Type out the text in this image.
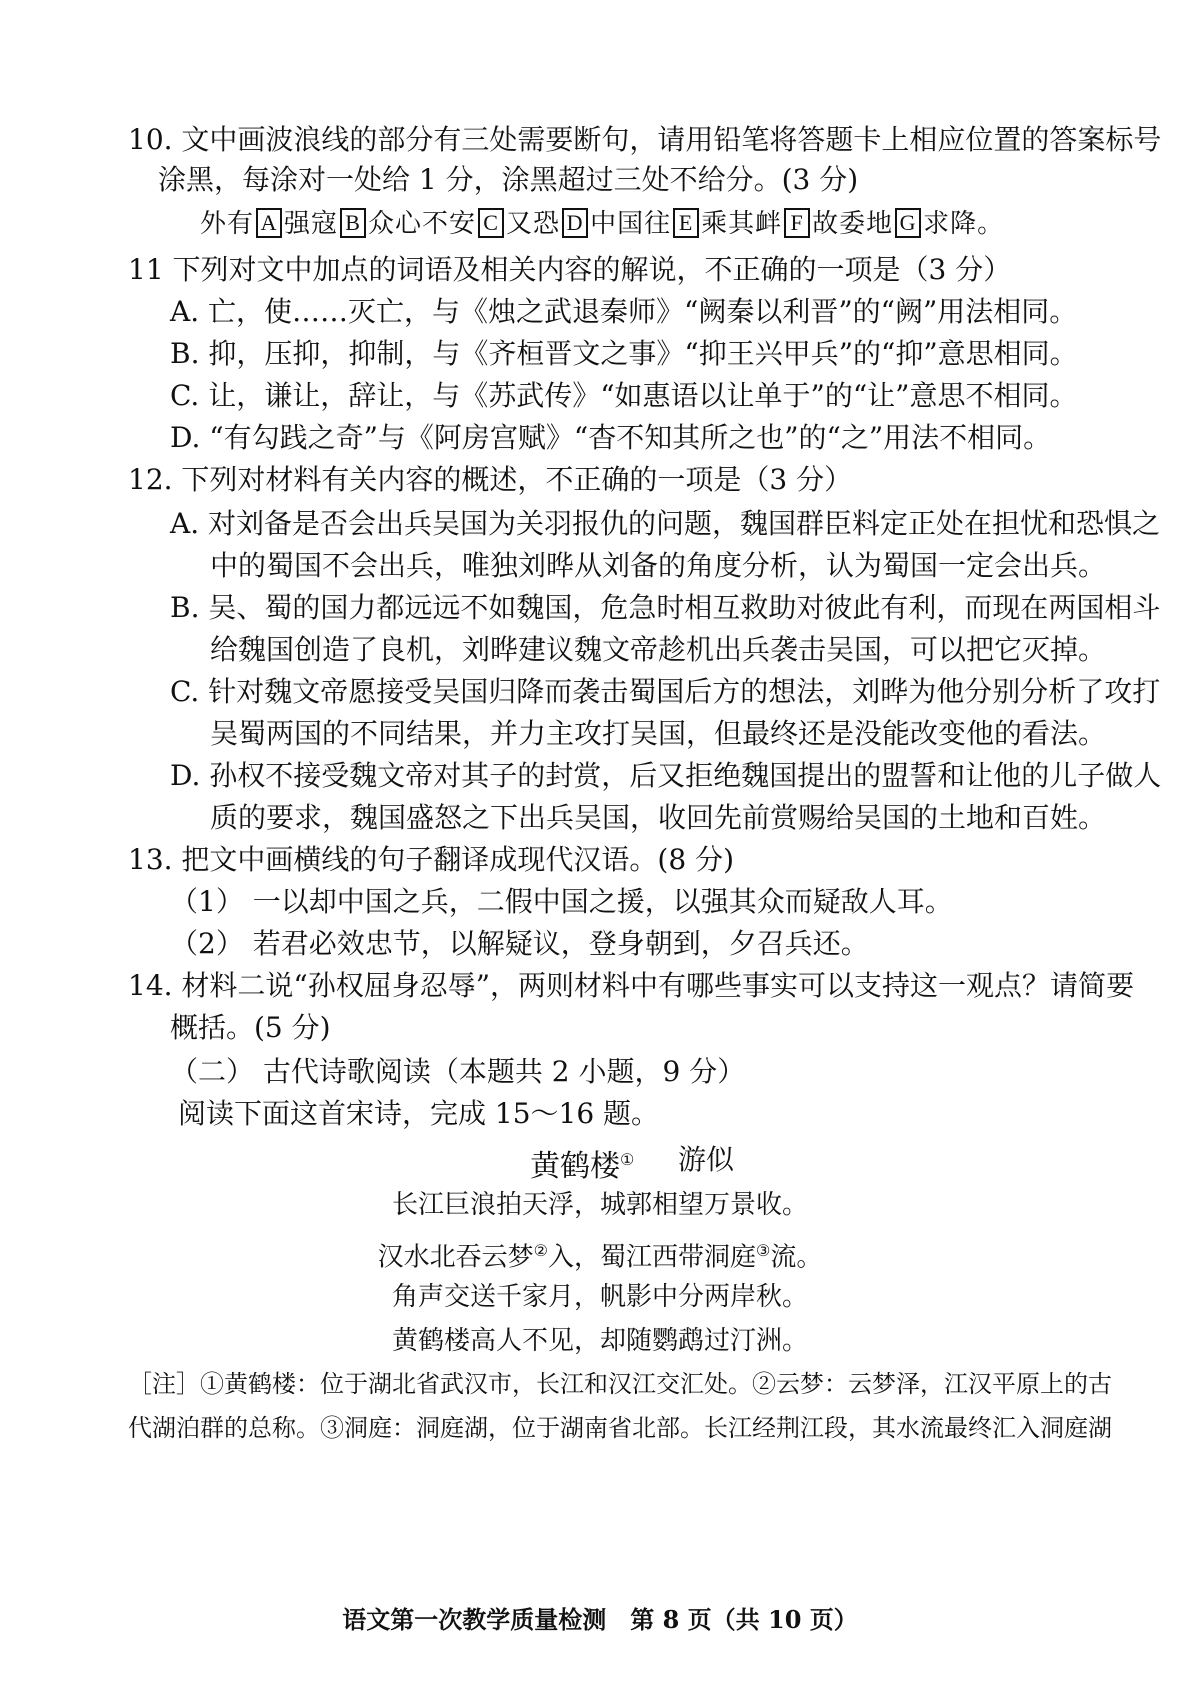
10. 文中画波浪线的部分有三处需要断句，请用铅笔将答题卡上相应位置的答案标号
涂黑，每涂对一处给 1 分，涂黑超过三处不给分。(3 分)
外有 A 强寇 B 众心不安 C 又恐 D 中国往 E 乘其衅 F 故委地 G 求降。
11 下列对文中加点的词语及相关内容的解说，不正确的一项是（3 分）
A. 亡，使……灭亡，与《烛之武退秦师》“阙秦以利晋”的“阙”用法相同。
B. 抑，压抑，抑制，与《齐桓晋文之事》“抑王兴甲兵”的“抑”意思相同。
C. 让，谦让，辞让，与《苏武传》“如惠语以让单于”的“让”意思不相同。
D. “有勾践之奇”与《阿房宫赋》“杳不知其所之也”的“之”用法不相同。
12. 下列对材料有关内容的概述，不正确的一项是（3 分）
A. 对刘备是否会出兵吴国为关羽报仇的问题，魏国群臣料定正处在担忧和恐惧之
中的蜀国不会出兵，唯独刘晔从刘备的角度分析，认为蜀国一定会出兵。
B. 吴、蜀的国力都远远不如魏国，危急时相互救助对彼此有利，而现在两国相斗
给魏国创造了良机，刘晔建议魏文帝趁机出兵袭击吴国，可以把它灭掉。
C. 针对魏文帝愿接受吴国归降而袭击蜀国后方的想法，刘晔为他分别分析了攻打
吴蜀两国的不同结果，并力主攻打吴国，但最终还是没能改变他的看法。
D. 孙权不接受魏文帝对其子的封赏，后又拒绝魏国提出的盟誓和让他的儿子做人
质的要求，魏国盛怒之下出兵吴国，收回先前赏赐给吴国的土地和百姓。
13. 把文中画横线的句子翻译成现代汉语。(8 分)
（1） 一以却中国之兵，二假中国之援，以强其众而疑敌人耳。
（2） 若君必效忠节，以解疑议，登身朝到，夕召兵还。
14. 材料二说“孙权屈身忍辱”，两则材料中有哪些事实可以支持这一观点？请简要
概括。(5 分)
（二） 古代诗歌阅读（本题共 2 小题，9 分）
阅读下面这首宋诗，完成 15～16 题。
黄鹤楼① 游似
长江巨浪拍天浮，城郭相望万景收。
汉水北吞云梦②入，蜀江西带洞庭③流。
角声交送千家月，帆影中分两岸秋。
黄鹤楼高人不见，却随鹦鹉过汀洲。
［注］①黄鹤楼：位于湖北省武汉市，长江和汉江交汇处。②云梦：云梦泽，江汉平原上的古
代湖泊群的总称。③洞庭：洞庭湖，位于湖南省北部。长江经荆江段，其水流最终汇入洞庭湖
语文第一次教学质量检测　第 8 页（共 10 页）
